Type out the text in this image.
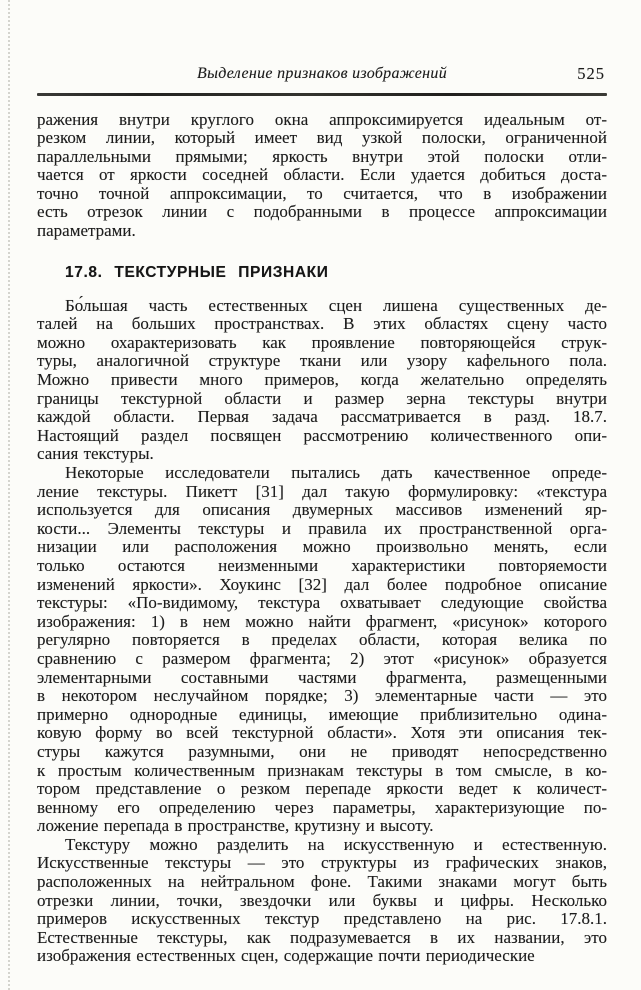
Выделение признаков изображений	525
ражения внутри круглого окна аппроксимируется идеальным от-
резком линии, который имеет вид узкой полоски, ограниченной
параллельными прямыми; яркость внутри этой полоски отли-
чается от яркости соседней области. Если удается добиться доста-
точно точной аппроксимации, то считается, что в изображении
есть отрезок линии с подобранными в процессе аппроксимации
параметрами.
17.8. ТЕКСТУРНЫЕ ПРИЗНАКИ
Бо́льшая часть естественных сцен лишена существенных де-
талей на больших пространствах. В этих областях сцену часто
можно охарактеризовать как проявление повторяющейся струк-
туры, аналогичной структуре ткани или узору кафельного пола.
Можно привести много примеров, когда желательно определять
границы текстурной области и размер зерна текстуры внутри
каждой области. Первая задача рассматривается в разд. 18.7.
Настоящий раздел посвящен рассмотрению количественного опи-
сания текстуры.
Некоторые исследователи пытались дать качественное опреде-
ление текстуры. Пикетт [31] дал такую формулировку: «текстура
используется для описания двумерных массивов изменений яр-
кости... Элементы текстуры и правила их пространственной орга-
низации или расположения можно произвольно менять, если
только остаются неизменными характеристики повторяемости
изменений яркости». Хоукинс [32] дал более подробное описание
текстуры: «По-видимому, текстура охватывает следующие свойства
изображения: 1) в нем можно найти фрагмент, «рисунок» которого
регулярно повторяется в пределах области, которая велика по
сравнению с размером фрагмента; 2) этот «рисунок» образуется
элементарными составными частями фрагмента, размещенными
в некотором неслучайном порядке; 3) элементарные части — это
примерно однородные единицы, имеющие приблизительно одина-
ковую форму во всей текстурной области». Хотя эти описания тек-
стуры кажутся разумными, они не приводят непосредственно
к простым количественным признакам текстуры в том смысле, в ко-
тором представление о резком перепаде яркости ведет к количест-
венному его определению через параметры, характеризующие по-
ложение перепада в пространстве, крутизну и высоту.
Текстуру можно разделить на искусственную и естественную.
Искусственные текстуры — это структуры из графических знаков,
расположенных на нейтральном фоне. Такими знаками могут быть
отрезки линии, точки, звездочки или буквы и цифры. Несколько
примеров искусственных текстур представлено на рис. 17.8.1.
Естественные текстуры, как подразумевается в их названии, это
изображения естественных сцен, содержащие почти периодические
